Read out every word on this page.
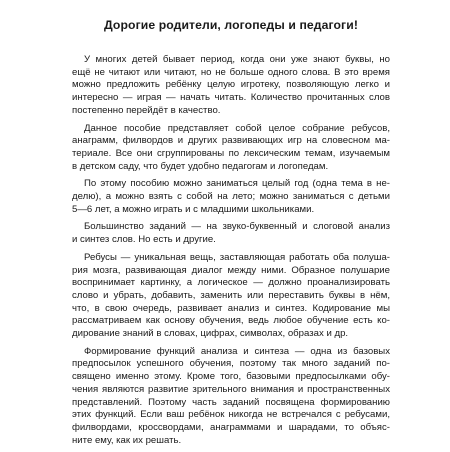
Дорогие родители, логопеды и педагоги!
У многих детей бывает период, когда они уже знают буквы, но
ещё не читают или читают, но не больше одного слова. В это время
можно предложить ребёнку целую игротеку, позволяющую легко и
интересно — играя — начать читать. Количество прочитанных слов
постепенно перейдёт в качество.
Данное пособие представляет собой целое собрание ребусов,
анаграмм, филвордов и других развивающих игр на словесном ма-
териале. Все они сгруппированы по лексическим темам, изучаемым
в детском саду, что будет удобно педагогам и логопедам.
По этому пособию можно заниматься целый год (одна тема в не-
делю), а можно взять с собой на лето; можно заниматься с детьми
5—6 лет, а можно играть и с младшими школьниками.
Большинство заданий — на звуко-буквенный и слоговой анализ
и синтез слов. Но есть и другие.
Ребусы — уникальная вещь, заставляющая работать оба полуша-
рия мозга, развивающая диалог между ними. Образное полушарие
воспринимает картинку, а логическое — должно проанализировать
слово и убрать, добавить, заменить или переставить буквы в нём,
что, в свою очередь, развивает анализ и синтез. Кодирование мы
рассматриваем как основу обучения, ведь любое обучение есть ко-
дирование знаний в словах, цифрах, символах, образах и др.
Формирование функций анализа и синтеза — одна из базовых
предпосылок успешного обучения, поэтому так много заданий по-
священо именно этому. Кроме того, базовыми предпосылками обу-
чения являются развитие зрительного внимания и пространственных
представлений. Поэтому часть заданий посвящена формированию
этих функций. Если ваш ребёнок никогда не встречался с ребусами,
филвордами, кроссвордами, анаграммами и шарадами, то объяс-
ните ему, как их решать.
